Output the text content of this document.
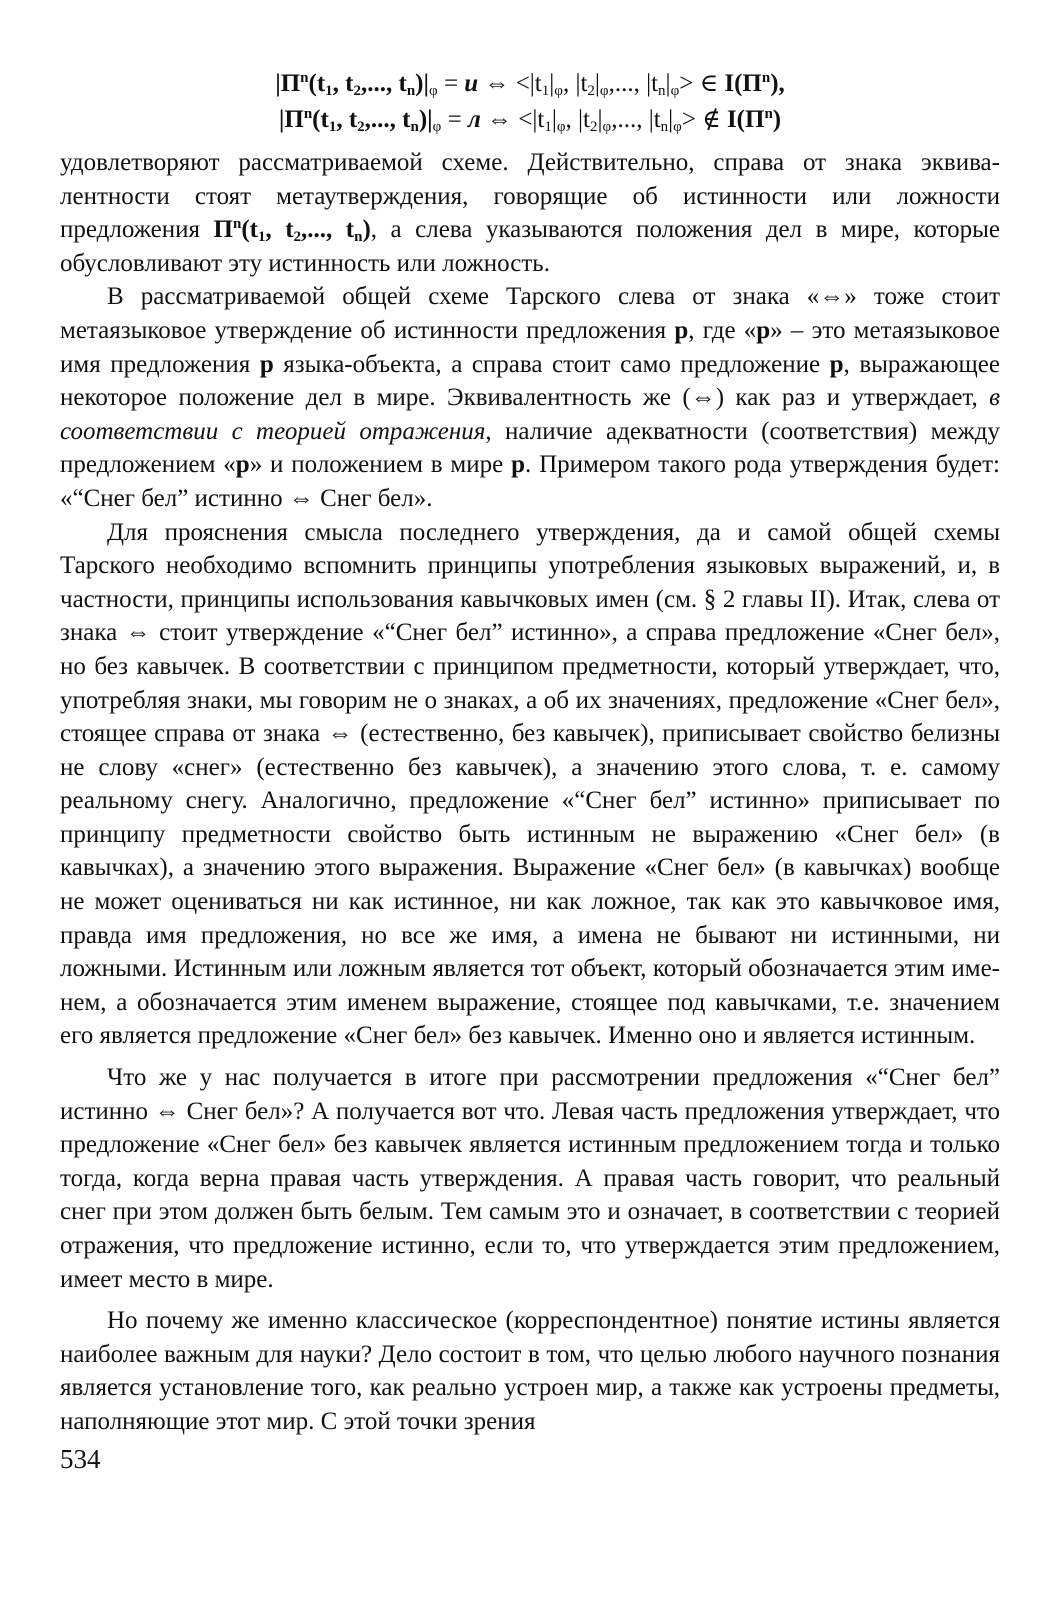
$|П^n(t_1$, $t_2$,..., $t_n)|_\varphi = и$ ⇔ $<|t_1|_\varphi$, $|t_2|_\varphi$,..., $|t_n|_\varphi>$ ∈ $I(П^n)$,
$|П^n(t_1$, $t_2$,..., $t_n)|_\varphi = л$ ⇔ $<|t_1|_\varphi$, $|t_2|_\varphi$,..., $|t_n|_\varphi>$ ∉ $I(П^n)$

удовлетворяют рассматриваемой схеме. Действительно, справа от знака эквивалентности стоят метаутверждения, говорящие об истинности или ложности предложения $П^n(t_1$, $t_2$,..., $t_n$), а слева указываются положения дел в мире, которые обусловливают эту истинность или ложность.

В рассматриваемой общей схеме Тарского слева от знака «⇔» тоже стоит метаязыковое утверждение об истинности предложения p, где «p» – это метаязыковое имя предложения p языка-объекта, а справа стоит само предложение p, выражающее некоторое положение дел в мире. Эквивалентность же (⇔) как раз и утверждает, в соответствии с теорией отражения, наличие адекватности (соответствия) между предложением «p» и положением в мире p. Примером такого рода утверждения будет: «“Снег бел” истинно ⇔ Снег бел».

Для прояснения смысла последнего утверждения, да и самой общей схемы Тарского необходимо вспомнить принципы употребления языковых выражений, и, в частности, принципы использования кавычковых имен (см. § 2 главы II). Итак, слева от знака ⇔ стоит утверждение «“Снег бел” истинно», а справа предложение «Снег бел», но без кавычек. В соответствии с принципом предметности, который утверждает, что, употребляя знаки, мы говорим не о знаках, а об их значениях, предложение «Снег бел», стоящее справа от знака ⇔ (естественно, без кавычек), приписывает свойство белизны не слову «снег» (естественно без кавычек), а значению этого слова, т. е. самому реальному снегу. Аналогично, предложение «“Снег бел” истинно» приписывает по принципу предметности свойство быть истинным не выражению «Снег бел» (в кавычках), а значению этого выражения. Выражение «Снег бел» (в кавычках) вообще не может оцениваться ни как истинное, ни как ложное, так как это кавычковое имя, правда имя предложения, но все же имя, а имена не бывают ни истинными, ни ложными. Истинным или ложным является тот объект, который обозначается этим именем, а обозначается этим именем выражение, стоящее под кавычками, т.е. значением его является предложение «Снег бел» без кавычек. Именно оно и является истинным.

Что же у нас получается в итоге при рассмотрении предложения «“Снег бел” истинно ⇔ Снег бел»? А получается вот что. Левая часть предложения утверждает, что предложение «Снег бел» без кавычек является истинным предложением тогда и только тогда, когда верна правая часть утверждения. А правая часть говорит, что реальный снег при этом должен быть белым. Тем самым это и означает, в соответствии с теорией отражения, что предложение истинно, если то, что утверждается этим предложением, имеет место в мире.

Но почему же именно классическое (корреспондентное) понятие истины является наиболее важным для науки? Дело состоит в том, что целью любого научного познания является установление того, как реально устроен мир, а также как устроены предметы, наполняющие этот мир. С этой точки зрения

534
